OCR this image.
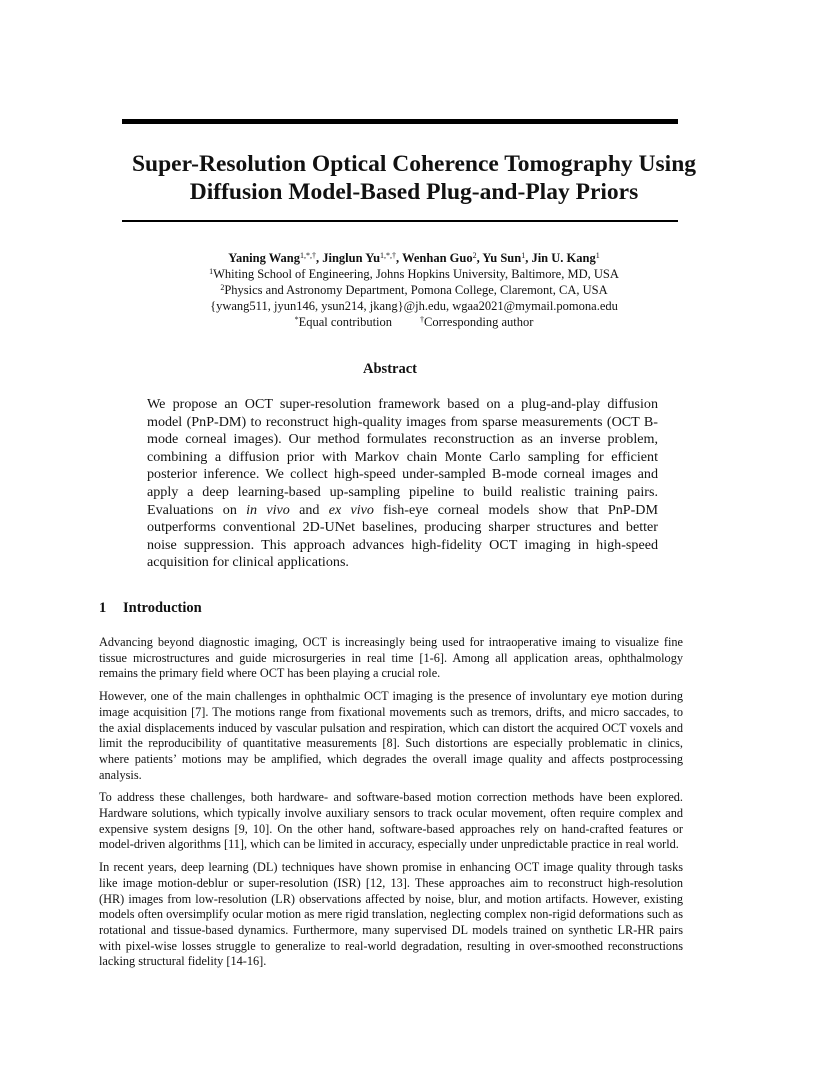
Super-Resolution Optical Coherence Tomography Using
Diffusion Model-Based Plug-and-Play Priors
Yaning Wang$^{1,*,\dagger}$, Jinglun $Yu^{1,*,\dagger}$, Wenhan Guo$^2$, Yu Sun$^1$, Jin U. Kang$^1$
$^1$Whiting School of Engineering, Johns Hopkins University, Baltimore, MD, USA
$^2$Physics and Astronomy Department, Pomona College, Claremont, CA, USA
{ywang511, jyun146, ysun214, jkang}@jh.edu, wgaa2021@mymail.pomona.edu
*Equal contribution	†Corresponding author
Abstract
We propose an OCT super-resolution framework based on a plug-and-play diffusion model (PnP-DM) to reconstruct high-quality images from sparse measurements (OCT B-mode corneal images). Our method formulates reconstruction as an inverse problem, combining a diffusion prior with Markov chain Monte Carlo sampling for efficient posterior inference. We collect high-speed under-sampled B-mode corneal images and apply a deep learning-based up-sampling pipeline to build realistic training pairs. Evaluations on in vivo and ex vivo fish-eye corneal models show that PnP-DM outperforms conventional 2D-UNet baselines, producing sharper structures and better noise suppression. This approach advances high-fidelity OCT imaging in high-speed acquisition for clinical applications.
1 Introduction

Advancing beyond diagnostic imaging, OCT is increasingly being used for intraoperative imaing to visualize fine tissue microstructures and guide microsurgeries in real time [1-6]. Among all application areas, ophthalmology remains the primary field where OCT has been playing a crucial role.

However, one of the main challenges in ophthalmic OCT imaging is the presence of involuntary eye motion during image acquisition [7]. The motions range from fixational movements such as tremors, drifts, and micro saccades, to the axial displacements induced by vascular pulsation and respiration, which can distort the acquired OCT voxels and limit the reproducibility of quantitative measurements [8]. Such distortions are especially problematic in clinics, where patients’ motions may be amplified, which degrades the overall image quality and affects postprocessing analysis.

To address these challenges, both hardware- and software-based motion correction methods have been explored. Hardware solutions, which typically involve auxiliary sensors to track ocular movement, often require complex and expensive system designs [9, 10]. On the other hand, software-based approaches rely on hand-crafted features or model-driven algorithms [11], which can be limited in accuracy, especially under unpredictable practice in real world.

In recent years, deep learning (DL) techniques have shown promise in enhancing OCT image quality through tasks like image motion-deblur or super-resolution (ISR) [12, 13]. These approaches aim to reconstruct high-resolution (HR) images from low-resolution (LR) observations affected by noise, blur, and motion artifacts. However, existing models often oversimplify ocular motion as mere rigid translation, neglecting complex non-rigid deformations such as rotational and tissue-based dynamics. Furthermore, many supervised DL models trained on synthetic LR-HR pairs with pixel-wise losses struggle to generalize to real-world degradation, resulting in over-smoothed reconstructions lacking structural fidelity [14-16].
